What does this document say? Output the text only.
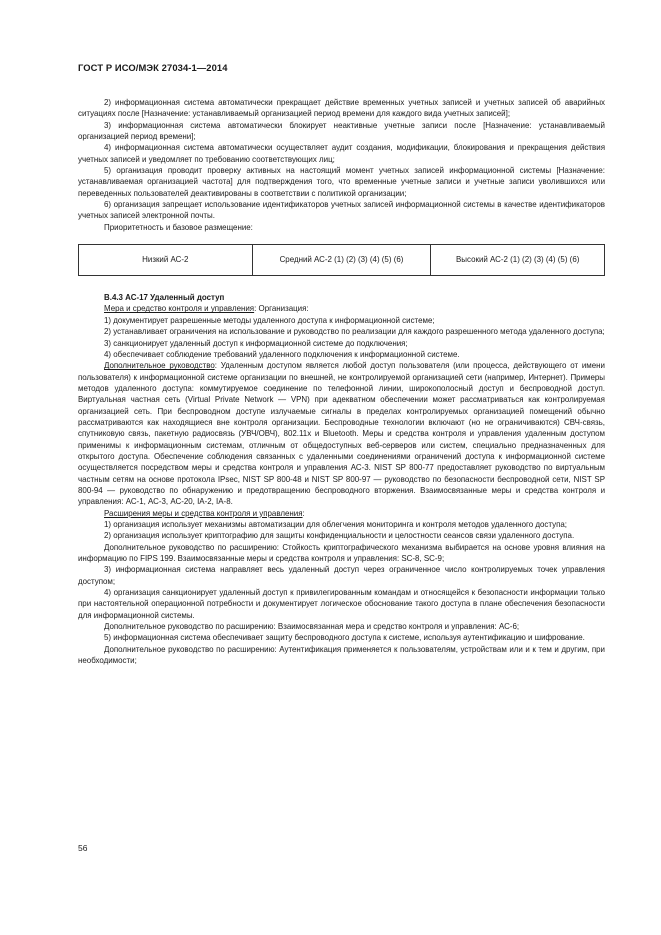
ГОСТ Р ИСО/МЭК 27034-1—2014

2) информационная система автоматически прекращает действие временных учетных записей и учетных записей об аварийных ситуациях после [Назначение: устанавливаемый организацией период времени для каждого вида учетных записей];

3) информационная система автоматически блокирует неактивные учетные записи после [Назначение: устанавливаемый организацией период времени];

4) информационная система автоматически осуществляет аудит создания, модификации, блокирования и прекращения действия учетных записей и уведомляет по требованию соответствующих лиц;

5) организация проводит проверку активных на настоящий момент учетных записей информационной системы [Назначение: устанавливаемая организацией частота] для подтверждения того, что временные учетные записи и учетные записи уволившихся или переведенных пользователей деактивированы в соответствии с политикой организации;

6) организация запрещает использование идентификаторов учетных записей информационной системы в качестве идентификаторов учетных записей электронной почты.

Приоритетность и базовое размещение:

Низкий АС-2	Средний АС-2 (1) (2) (3) (4) (5) (6)	Высокий АС-2 (1) (2) (3) (4) (5) (6)

В.4.3 АС-17 Удаленный доступ

Мера и средство контроля и управления: Организация:

1) документирует разрешенные методы удаленного доступа к информационной системе;

2) устанавливает ограничения на использование и руководство по реализации для каждого разрешенного метода удаленного доступа;

3) санкционирует удаленный доступ к информационной системе до подключения;

4) обеспечивает соблюдение требований удаленного подключения к информационной системе.

Дополнительное руководство: Удаленным доступом является любой доступ пользователя (или процесса, действующего от имени пользователя) к информационной системе организации по внешней, не контролируемой организацией сети (например, Интернет). Примеры методов удаленного доступа: коммутируемое соединение по телефонной линии, широкополосный доступ и беспроводной доступ. Виртуальная частная сеть (Virtual Private Network — VPN) при адекватном обеспечении может рассматриваться как контролируемая организацией сеть. При беспроводном доступе излучаемые сигналы в пределах контролируемых организацией помещений обычно рассматриваются как находящиеся вне контроля организации. Беспроводные технологии включают (но не ограничиваются) СВЧ-связь, спутниковую связь, пакетную радиосвязь (УВЧ/ОВЧ), 802.11x и Bluetooth. Меры и средства контроля и управления удаленным доступом применимы к информационным системам, отличным от общедоступных веб-серверов или систем, специально предназначенных для открытого доступа. Обеспечение соблюдения связанных с удаленными соединениями ограничений доступа к информационной системе осуществляется посредством меры и средства контроля и управления АС-3. NIST SP 800-77 предоставляет руководство по виртуальным частным сетям на основе протокола IPsec, NIST SP 800-48 и NIST SP 800-97 — руководство по безопасности беспроводной сети, NIST SP 800-94 — руководство по обнаружению и предотвращению беспроводного вторжения. Взаимосвязанные меры и средства контроля и управления: АС-1, АС-3, АС-20, IA-2, IA-8.

Расширения меры и средства контроля и управления:

1) организация использует механизмы автоматизации для облегчения мониторинга и контроля методов удаленного доступа;

2) организация использует криптографию для защиты конфиденциальности и целостности сеансов связи удаленного доступа.

Дополнительное руководство по расширению: Стойкость криптографического механизма выбирается на основе уровня влияния на информацию по FIPS 199. Взаимосвязанные меры и средства контроля и управления: SC-8, SC-9;

3) информационная система направляет весь удаленный доступ через ограниченное число контролируемых точек управления доступом;

4) организация санкционирует удаленный доступ к привилегированным командам и относящейся к безопасности информации только при настоятельной операционной потребности и документирует логическое обоснование такого доступа в плане обеспечения безопасности для информационной системы.

Дополнительное руководство по расширению: Взаимосвязанная мера и средство контроля и управления: АС-6;

5) информационная система обеспечивает защиту беспроводного доступа к системе, используя аутентификацию и шифрование.

Дополнительное руководство по расширению: Аутентификация применяется к пользователям, устройствам или и к тем и другим, при необходимости;

56
